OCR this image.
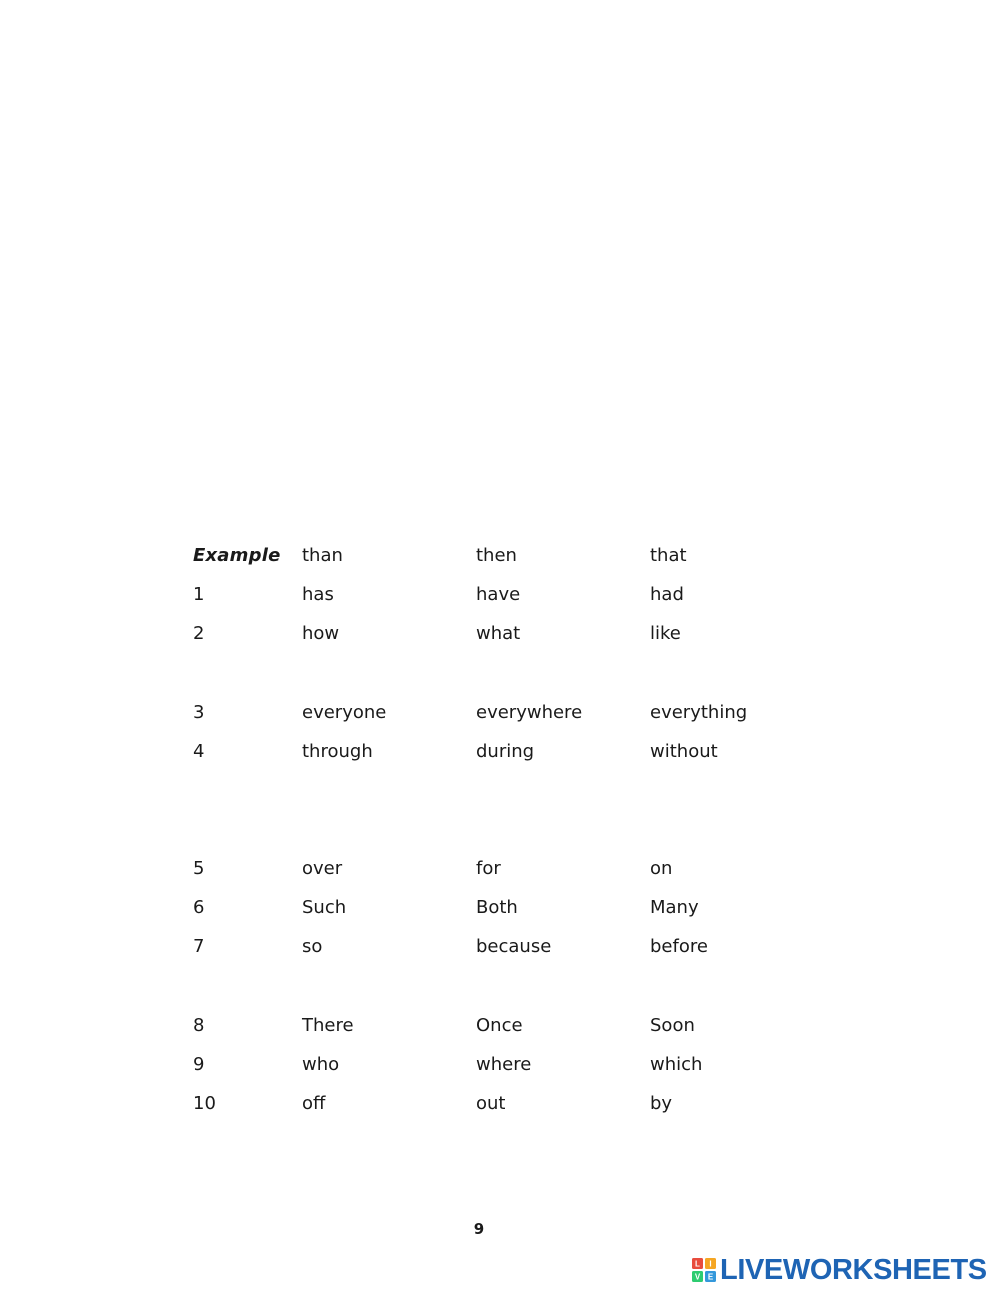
Example than	then	that
1	has	have	had
2	how	what	like
3	everyone	everywhere	everything
4	through	during	without
5	over	for	on
6	Such	Both	Many
7	so	because	before
8	There	Once	Soon
9	who	where	which
10	off	out	by
9
L I
V E LIVEWORKSHEETS
